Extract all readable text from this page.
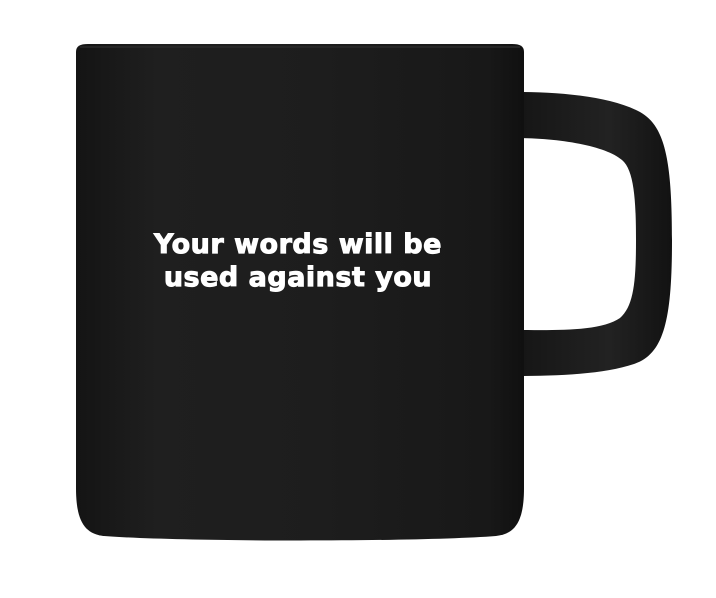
Your words will be
used against you
